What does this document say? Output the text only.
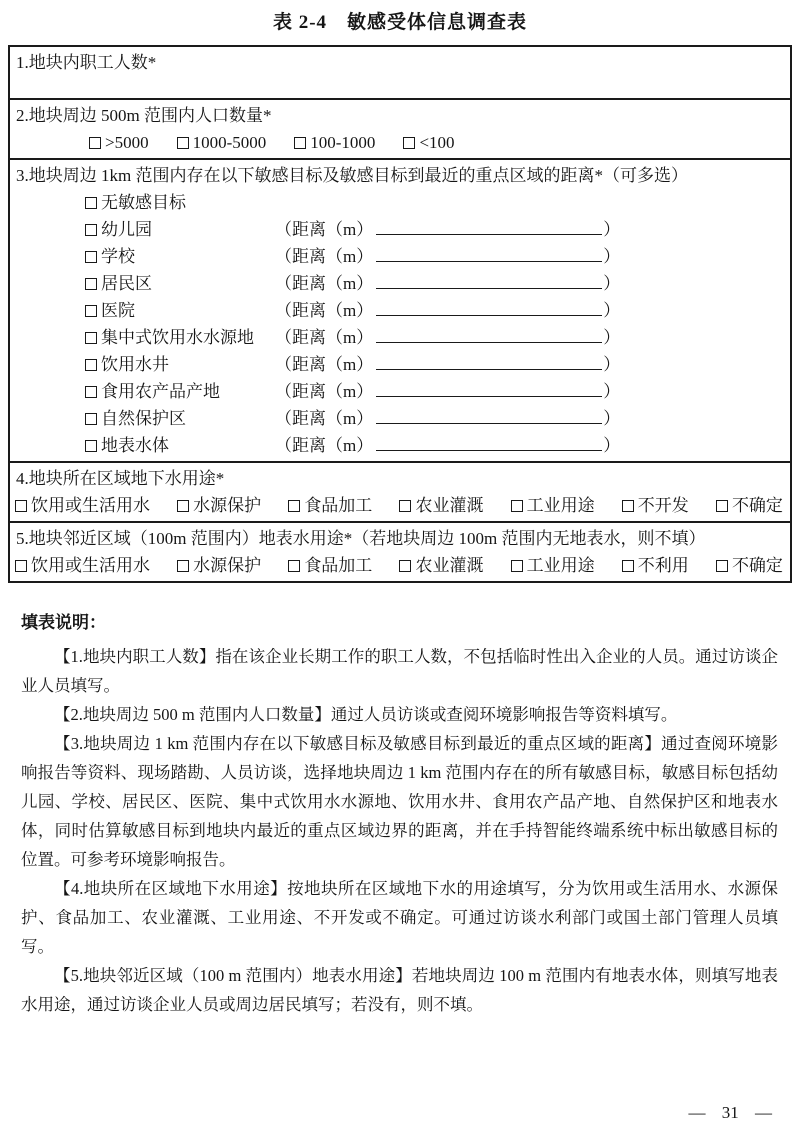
表 2-4　敏感受体信息调查表
1.地块内职工人数*
2.地块周边 500m 范围内人口数量*
>5000	1000-5000	100-1000	<100
3.地块周边 1km 范围内存在以下敏感目标及敏感目标到最近的重点区域的距离*（可多选）
无敏感目标
幼儿园	（距离（m）	）
学校	（距离（m）	）
居民区	（距离（m）	）
医院	（距离（m）	）
集中式饮用水水源地	（距离（m）	）
饮用水井	（距离（m）	）
食用农产品产地	（距离（m）	）
自然保护区	（距离（m）	）
地表水体	（距离（m）	）
4.地块所在区域地下水用途*
饮用或生活用水	水源保护	食品加工	农业灌溉	工业用途	不开发	不确定
5.地块邻近区域（100m 范围内）地表水用途*（若地块周边 100m 范围内无地表水，则不填）
饮用或生活用水	水源保护	食品加工	农业灌溉	工业用途	不利用	不确定
填表说明：

【1.地块内职工人数】指在该企业长期工作的职工人数，不包括临时性出入企业的人员。通过访谈企业人员填写。

【2.地块周边 500 m 范围内人口数量】通过人员访谈或查阅环境影响报告等资料填写。

【3.地块周边 1 km 范围内存在以下敏感目标及敏感目标到最近的重点区域的距离】通过查阅环境影响报告等资料、现场踏勘、人员访谈，选择地块周边 1 km 范围内存在的所有敏感目标，敏感目标包括幼儿园、学校、居民区、医院、集中式饮用水水源地、饮用水井、食用农产品产地、自然保护区和地表水体，同时估算敏感目标到地块内最近的重点区域边界的距离，并在手持智能终端系统中标出敏感目标的位置。可参考环境影响报告。

【4.地块所在区域地下水用途】按地块所在区域地下水的用途填写，分为饮用或生活用水、水源保护、食品加工、农业灌溉、工业用途、不开发或不确定。可通过访谈水利部门或国土部门管理人员填写。

【5.地块邻近区域（100 m 范围内）地表水用途】若地块周边 100 m 范围内有地表水体，则填写地表水用途，通过访谈企业人员或周边居民填写；若没有，则不填。

— 31 —
